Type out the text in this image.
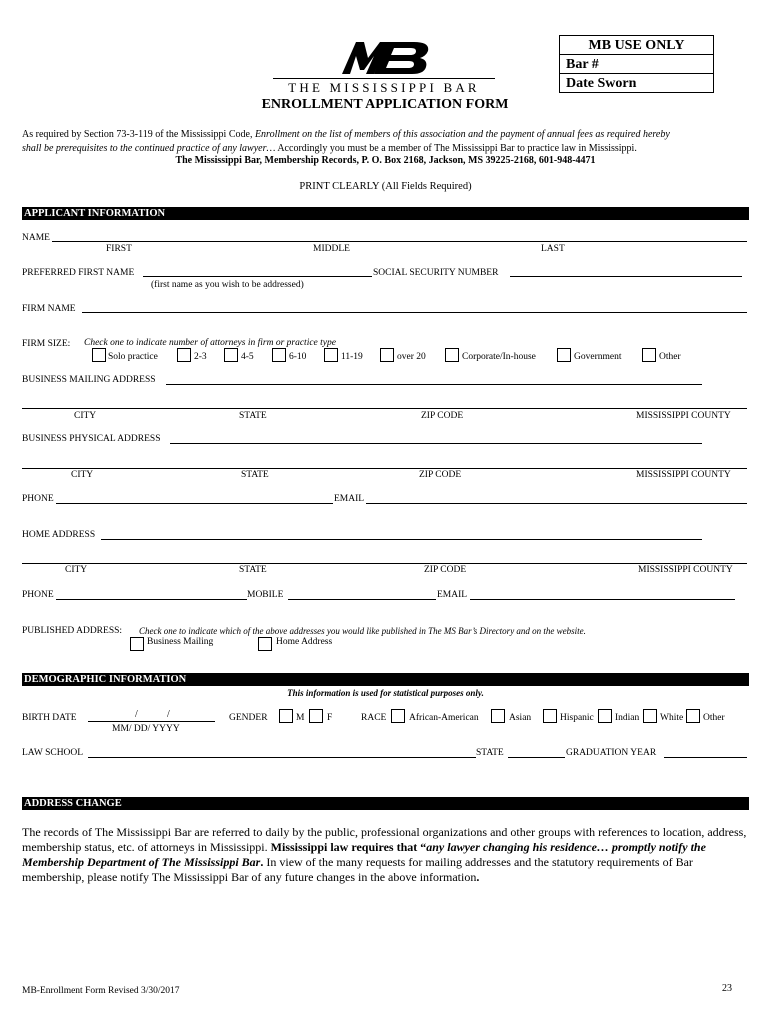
THE MISSISSIPPI BAR
ENROLLMENT APPLICATION FORM
MB USE ONLY
Bar #
Date Sworn
As required by Section 73-3-119 of the Mississippi Code, Enrollment on the list of members of this association and the payment of annual fees as required hereby
shall be prerequisites to the continued practice of any lawyer… Accordingly you must be a member of The Mississippi Bar to practice law in Mississippi.
The Mississippi Bar, Membership Records, P. O. Box 2168, Jackson, MS 39225-2168, 601-948-4471
PRINT CLEARLY (All Fields Required)
APPLICANT INFORMATION
NAME
FIRST	MIDDLE	LAST
PREFERRED FIRST NAME	SOCIAL SECURITY NUMBER
(first name as you wish to be addressed)
FIRM NAME
FIRM SIZE: Check one to indicate number of attorneys in firm or practice type
Solo practice	2-3	4-5	6-10	11-19	over 20	Corporate/In-house	Government	Other
BUSINESS MAILING ADDRESS
CITY	STATE	ZIP CODE	MISSISSIPPI COUNTY
BUSINESS PHYSICAL ADDRESS
CITY	STATE	ZIP CODE	MISSISSIPPI COUNTY
PHONE	EMAIL
HOME ADDRESS
CITY	STATE	ZIP CODE	MISSISSIPPI COUNTY
PHONE	MOBILE	EMAIL
PUBLISHED ADDRESS: Check one to indicate which of the above addresses you would like published in The MS Bar’s Directory and on the website.
Business Mailing	Home Address
DEMOGRAPHIC INFORMATION
This information is used for statistical purposes only.
BIRTH DATE	/	/
MM/ DD/ YYYY
GENDER	M F	RACE African-American	Asian	Hispanic Indian White Other
LAW SCHOOL	STATE	GRADUATION YEAR
ADDRESS CHANGE
The records of The Mississippi Bar are referred to daily by the public, professional organizations and other groups with references to location, address, membership status, etc. of attorneys in Mississippi. Mississippi law requires that “any lawyer changing his residence… promptly notify the Membership Department of The Mississippi Bar. In view of the many requests for mailing addresses and the statutory requirements of Bar membership, please notify The Mississippi Bar of any future changes in the above information.
MB-Enrollment Form Revised 3/30/2017	23
